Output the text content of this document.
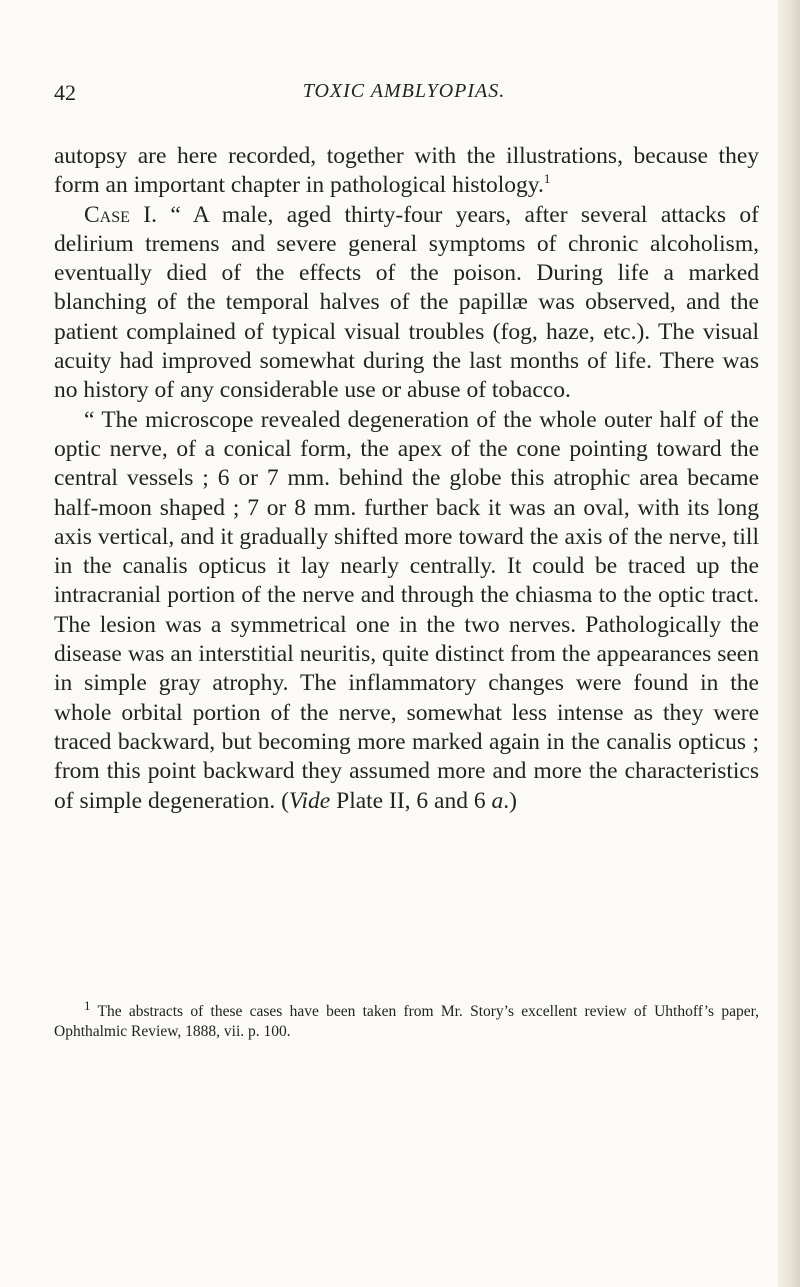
42	TOXIC AMBLYOPIAS.

autopsy are here recorded, together with the illustrations, because they form an important chapter in pathological histology.$^1$

Case I. “ A male, aged thirty-four years, after several attacks of delirium tremens and severe general symptoms of chronic alcoholism, eventually died of the effects of the poison. During life a marked blanching of the temporal halves of the papillæ was observed, and the patient complained of typical visual troubles (fog, haze, etc.). The visual acuity had improved somewhat during the last months of life. There was no history of any considerable use or abuse of tobacco.

“ The microscope revealed degeneration of the whole outer half of the optic nerve, of a conical form, the apex of the cone pointing toward the central vessels ; 6 or 7 mm. behind the globe this atrophic area became half-moon shaped ; 7 or 8 mm. further back it was an oval, with its long axis vertical, and it gradually shifted more toward the axis of the nerve, till in the canalis opticus it lay nearly centrally. It could be traced up the intracranial portion of the nerve and through the chiasma to the optic tract. The lesion was a symmetrical one in the two nerves. Pathologically the disease was an interstitial neuritis, quite distinct from the appearances seen in simple gray atrophy. The inflammatory changes were found in the whole orbital portion of the nerve, somewhat less intense as they were traced backward, but becoming more marked again in the canalis opticus ; from this point backward they assumed more and more the characteristics of simple degeneration. (Vide Plate II, 6 and 6 a.)

$^1$ The abstracts of these cases have been taken from Mr. Story’s excellent review of Uhthoff’s paper, Ophthalmic Review, 1888, vii. p. 100.
